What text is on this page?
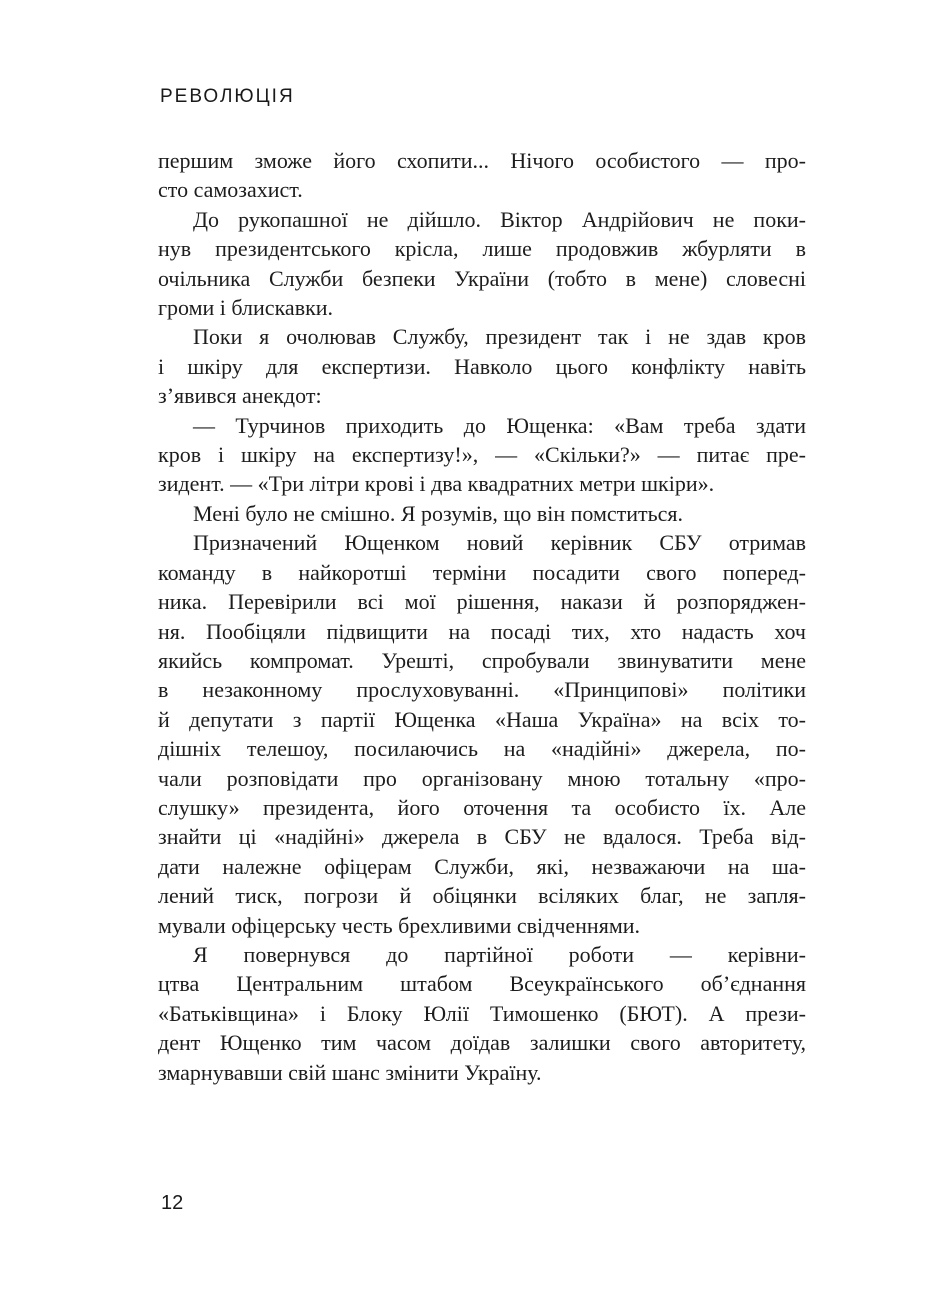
РЕВОЛЮЦІЯ

першим зможе його схопити... Нічого особистого — про-
сто самозахист.

До рукопашної не дійшло. Віктор Андрійович не поки-
нув президентського крісла, лише продовжив жбурляти в
очільника Служби безпеки України (тобто в мене) словесні
громи і блискавки.

Поки я очолював Службу, президент так і не здав кров
і шкіру для експертизи. Навколо цього конфлікту навіть
з’явився анекдот:

— Турчинов приходить до Ющенка: «Вам треба здати
кров і шкіру на експертизу!», — «Скільки?» — питає пре-
зидент. — «Три літри крові і два квадратних метри шкіри».

Мені було не смішно. Я розумів, що він помститься.

Призначений Ющенком новий керівник СБУ отримав
команду в найкоротші терміни посадити свого поперед-
ника. Перевірили всі мої рішення, накази й розпоряджен-
ня. Пообіцяли підвищити на посаді тих, хто надасть хоч
якийсь компромат. Урешті, спробували звинуватити мене
в незаконному прослуховуванні. «Принципові» політики
й депутати з партії Ющенка «Наша Україна» на всіх то-
дішніх телешоу, посилаючись на «надійні» джерела, по-
чали розповідати про організовану мною тотальну «про-
слушку» президента, його оточення та особисто їх. Але
знайти ці «надійні» джерела в СБУ не вдалося. Треба від-
дати належне офіцерам Служби, які, незважаючи на ша-
лений тиск, погрози й обіцянки всіляких благ, не запля-
мували офіцерську честь брехливими свідченнями.

Я повернувся до партійної роботи — керівни-
цтва Центральним штабом Всеукраїнського об’єднання
«Батьківщина» і Блоку Юлії Тимошенко (БЮТ). А прези-
дент Ющенко тим часом доїдав залишки свого авторитету,
змарнувавши свій шанс змінити Україну.

12
